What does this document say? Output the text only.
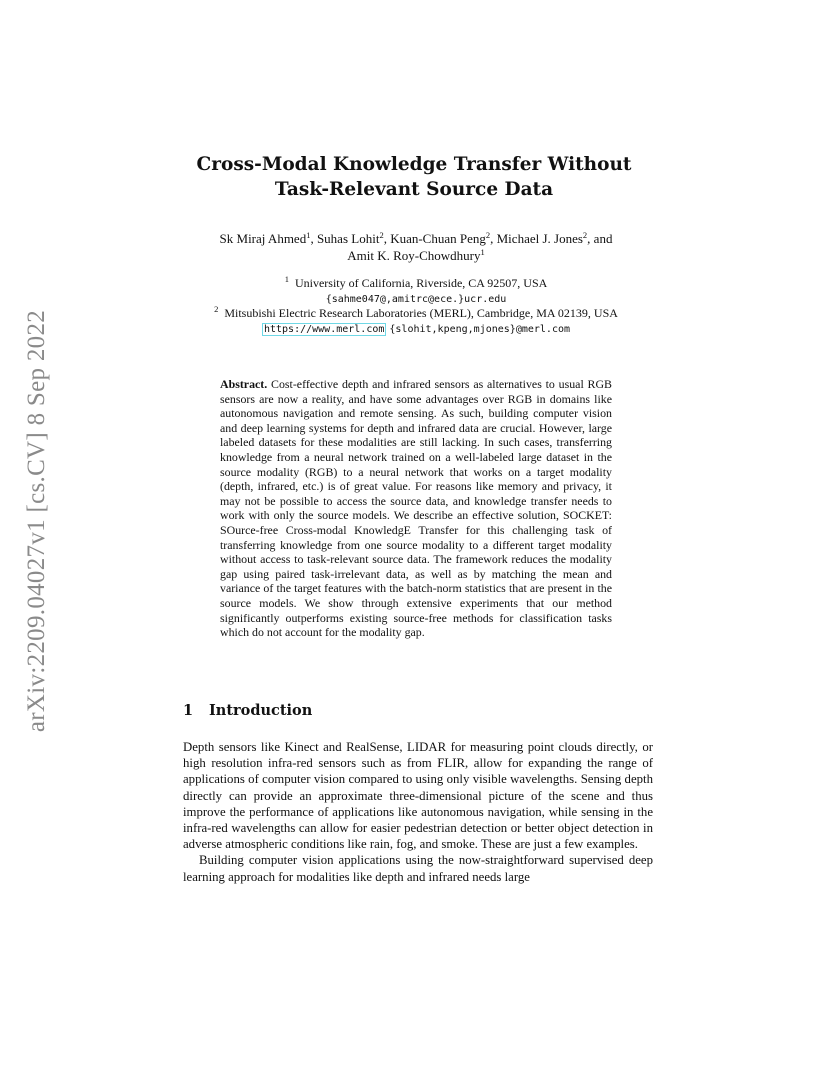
arXiv:2209.04027v1 [cs.CV] 8 Sep 2022
Cross-Modal Knowledge Transfer Without
Task-Relevant Source Data
Sk Miraj Ahmed$^1$, Suhas Lohit$^2$, Kuan-Chuan Peng$^2$, Michael J. Jones$^2$, and
Amit K. Roy-Chowdhury$^1$
$^1$ University of California, Riverside, CA 92507, USA
{sahme047@,amitrc@ece.}ucr.edu
$^2$ Mitsubishi Electric Research Laboratories (MERL), Cambridge, MA 02139, USA
https://www.merl.com {slohit,kpeng,mjones}@merl.com
Abstract. Cost-effective depth and infrared sensors as alternatives to usual RGB sensors are now a reality, and have some advantages over RGB in domains like autonomous navigation and remote sensing. As such, building computer vision and deep learning systems for depth and infrared data are crucial. However, large labeled datasets for these modalities are still lacking. In such cases, transferring knowledge from a neural network trained on a well-labeled large dataset in the source modality (RGB) to a neural network that works on a target modality (depth, infrared, etc.) is of great value. For reasons like memory and privacy, it may not be possible to access the source data, and knowledge transfer needs to work with only the source models. We describe an effective solution, SOCKET: SOurce-free Cross-modal KnowledgE Transfer for this challenging task of transferring knowledge from one source modality to a different target modality without access to task-relevant source data. The framework reduces the modality gap using paired task-irrelevant data, as well as by matching the mean and variance of the target features with the batch-norm statistics that are present in the source models. We show through extensive experiments that our method significantly outperforms existing source-free methods for classification tasks which do not account for the modality gap.
1 Introduction

Depth sensors like Kinect and RealSense, LIDAR for measuring point clouds directly, or high resolution infra-red sensors such as from FLIR, allow for expanding the range of applications of computer vision compared to using only visible wavelengths. Sensing depth directly can provide an approximate three-dimensional picture of the scene and thus improve the performance of applications like autonomous navigation, while sensing in the infra-red wavelengths can allow for easier pedestrian detection or better object detection in adverse atmospheric conditions like rain, fog, and smoke. These are just a few examples.

Building computer vision applications using the now-straightforward supervised deep learning approach for modalities like depth and infrared needs large
